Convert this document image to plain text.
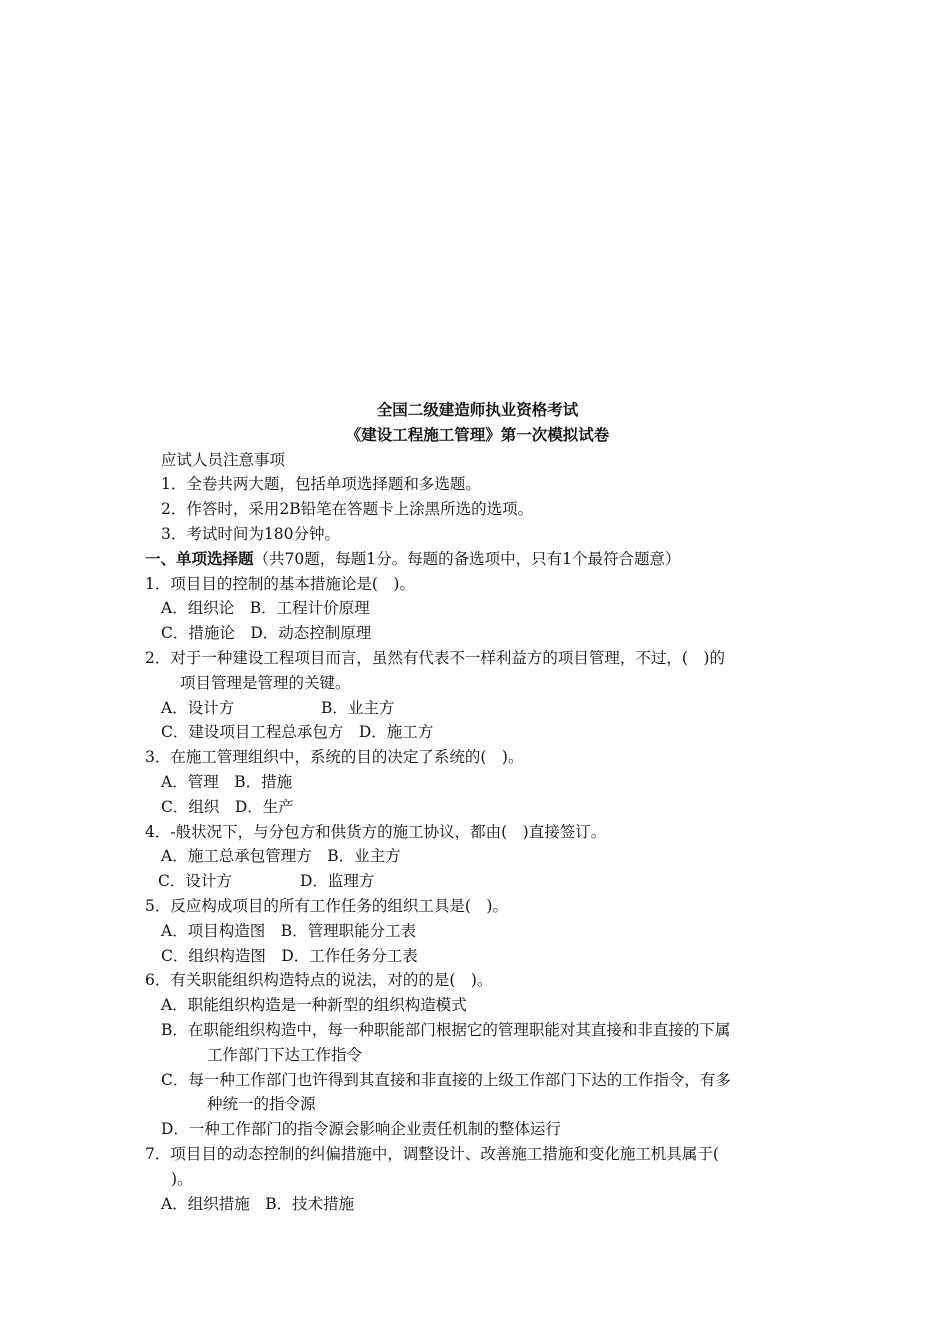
全国二级建造师执业资格考试
《建设工程施工管理》第一次模拟试卷
应试人员注意事项
1．全卷共两大题，包括单项选择题和多选题。
2．作答时，采用2B铅笔在答题卡上涂黑所选的选项。
3．考试时间为180分钟。
一、单项选择题（共70题，每题1分。每题的备选项中，只有1个最符合题意）
1．项目目的控制的基本措施论是(　)。
A．组织论　B．工程计价原理
C．措施论　D．动态控制原理
2．对于一种建设工程项目而言，虽然有代表不一样利益方的项目管理，不过，(　)的
项目管理是管理的关键。
A．设计方	B．业主方
C．建设项目工程总承包方　D．施工方
3．在施工管理组织中，系统的目的决定了系统的(　)。
A．管理　B．措施
C．组织　D．生产
4．-般状况下，与分包方和供货方的施工协议，都由(　)直接签订。
A．施工总承包管理方　B．业主方
C．设计方	D．监理方
5．反应构成项目的所有工作任务的组织工具是(　)。
A．项目构造图　B．管理职能分工表
C．组织构造图　D．工作任务分工表
6．有关职能组织构造特点的说法，对的的是(　)。
A．职能组织构造是一种新型的组织构造模式
B．在职能组织构造中，每一种职能部门根据它的管理职能对其直接和非直接的下属
工作部门下达工作指令
C．每一种工作部门也许得到其直接和非直接的上级工作部门下达的工作指令，有多
种统一的指令源
D．一种工作部门的指令源会影响企业责任机制的整体运行
7．项目目的动态控制的纠偏措施中，调整设计、改善施工措施和变化施工机具属于(
)。
A．组织措施　B．技术措施
